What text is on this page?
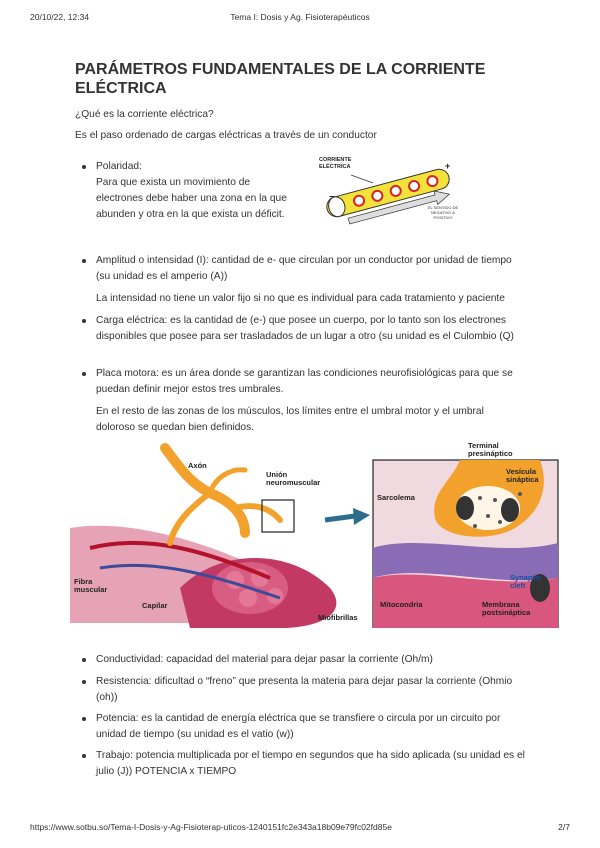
20/10/22, 12:34	Tema I: Dosis y Ag. Fisioterapéuticos
PARÁMETROS FUNDAMENTALES DE LA CORRIENTE ELÉCTRICA

¿Qué es la corriente eléctrica?

Es el paso ordenado de cargas eléctricas a través de un conductor

Polaridad:

Para que exista un movimiento de electrones debe haber una zona en la que abunden y otra en la que exista un déficit.

CORRIENTE
ELÉCTRICA
−
+
EL SENTIDO DE NEGATIVO A POSITIVO

Amplitud o intensidad (I): cantidad de e- que circulan por un conductor por unidad de tiempo (su unidad es el amperio (A))

La intensidad no tiene un valor fijo si no que es individual para cada tratamiento y paciente

Carga eléctrica: es la cantidad de (e-) que posee un cuerpo, por lo tanto son los electrones disponibles que posee para ser trasladados de un lugar a otro (su unidad es el Culombio (Q)

Placa motora: es un área donde se garantizan las condiciones neurofisiológicas para que se puedan definir mejor estos tres umbrales.

En el resto de las zonas de los músculos, los límites entre el umbral motor y el umbral doloroso se quedan bien definidos.

Axón
Unión
neuromuscular
Fibra
muscular
Capilar
Miofibrillas
Terminal
presináptico
Vesícula
sináptica
Sarcolema
Synaptic
cleft
Mitocondria	Membrana
postsináptica

Conductividad: capacidad del material para dejar pasar la corriente (Oh/m)

Resistencia: dificultad o “freno” que presenta la materia para dejar pasar la corriente (Ohmio (oh))

Potencia: es la cantidad de energía eléctrica que se transfiere o circula por un circuito por unidad de tiempo (su unidad es el vatio (w))

Trabajo: potencia multiplicada por el tiempo en segundos que ha sido aplicada (su unidad es el julio (J)) POTENCIA x TIEMPO

https://www.sotbu.so/Tema-I-Dosis-y-Ag-Fisioterap-uticos-1240151fc2e343a18b09e79fc02fd85e	2/7
